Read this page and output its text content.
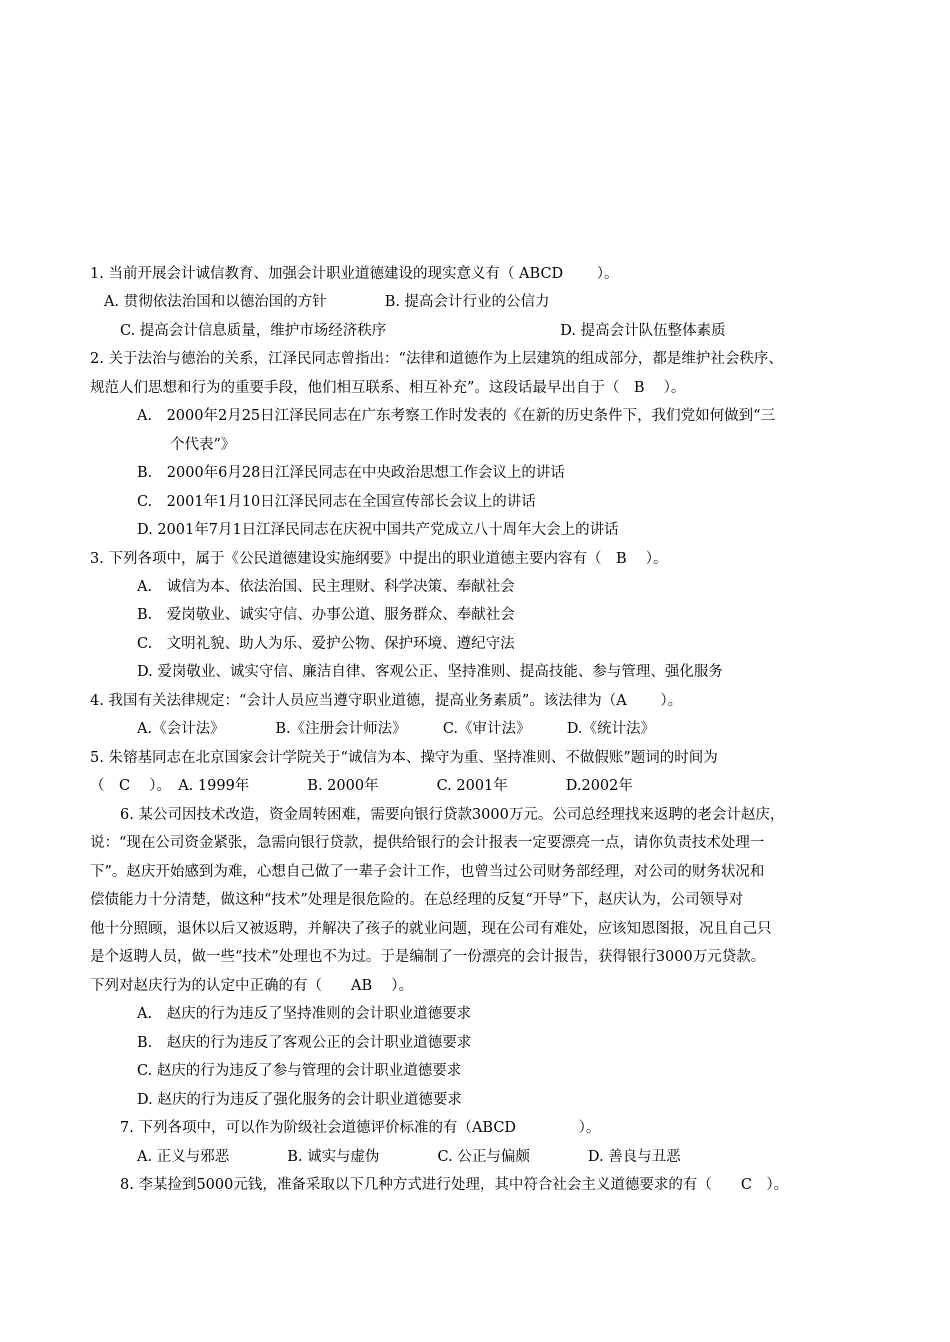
1. 当前开展会计诚信教育、加强会计职业道德建设的现实意义有（ ABCD　　 ）。
A. 贯彻依法治国和以德治国的方针　　　　B. 提高会计行业的公信力
C. 提高会计信息质量，维护市场经济秩序　　　　　　　　　　　　D. 提高会计队伍整体素质
2. 关于法治与德治的关系，江泽民同志曾指出：“法律和道德作为上层建筑的组成部分，都是维护社会秩序、
规范人们思想和行为的重要手段，他们相互联系、相互补充”。这段话最早出自于（　B　 ）。
A.　2000年2月25日江泽民同志在广东考察工作时发表的《在新的历史条件下，我们党如何做到“三
个代表”》
B.　2000年6月28日江泽民同志在中央政治思想工作会议上的讲话
C.　2001年1月10日江泽民同志在全国宣传部长会议上的讲话
D. 2001年7月1日江泽民同志在庆祝中国共产党成立八十周年大会上的讲话
3. 下列各项中，属于《公民道德建设实施纲要》中提出的职业道德主要内容有（　B　 ）。
A.　诚信为本、依法治国、民主理财、科学决策、奉献社会
B.　爱岗敬业、诚实守信、办事公道、服务群众、奉献社会
C.　文明礼貌、助人为乐、爱护公物、保护环境、遵纪守法
D. 爱岗敬业、诚实守信、廉洁自律、客观公正、坚持准则、提高技能、参与管理、强化服务
4. 我国有关法律规定：“会计人员应当遵守职业道德，提高业务素质”。该法律为（A　　 ）。
A.《会计法》　　　　B.《注册会计师法》　　　C.《审计法》　　　D.《统计法》
5. 朱镕基同志在北京国家会计学院关于“诚信为本、操守为重、坚持准则、不做假账”题词的时间为
（　C　 ）。　A. 1999年　　　　B. 2000年　　　　C. 2001年　　　　D.2002年
6. 某公司因技术改造，资金周转困难，需要向银行贷款3000万元。公司总经理找来返聘的老会计赵庆，
说：“现在公司资金紧张，急需向银行贷款，提供给银行的会计报表一定要漂亮一点，请你负责技术处理一
下”。赵庆开始感到为难，心想自己做了一辈子会计工作，也曾当过公司财务部经理，对公司的财务状况和
偿债能力十分清楚，做这种“技术”处理是很危险的。在总经理的反复“开导”下，赵庆认为，公司领导对
他十分照顾，退休以后又被返聘，并解决了孩子的就业问题，现在公司有难处，应该知恩图报，况且自己只
是个返聘人员，做一些“技术”处理也不为过。于是编制了一份漂亮的会计报告，获得银行3000万元贷款。
下列对赵庆行为的认定中正确的有（　　AB　 ）。
A.　赵庆的行为违反了坚持准则的会计职业道德要求
B.　赵庆的行为违反了客观公正的会计职业道德要求
C. 赵庆的行为违反了参与管理的会计职业道德要求
D. 赵庆的行为违反了强化服务的会计职业道德要求
7. 下列各项中，可以作为阶级社会道德评价标准的有（ABCD　　　　 ）。
A. 正义与邪恶　　　　B. 诚实与虚伪　　　　C. 公正与偏颇　　　　D. 善良与丑恶
8. 李某捡到5000元钱，准备采取以下几种方式进行处理，其中符合社会主义道德要求的有（　　C　）。
